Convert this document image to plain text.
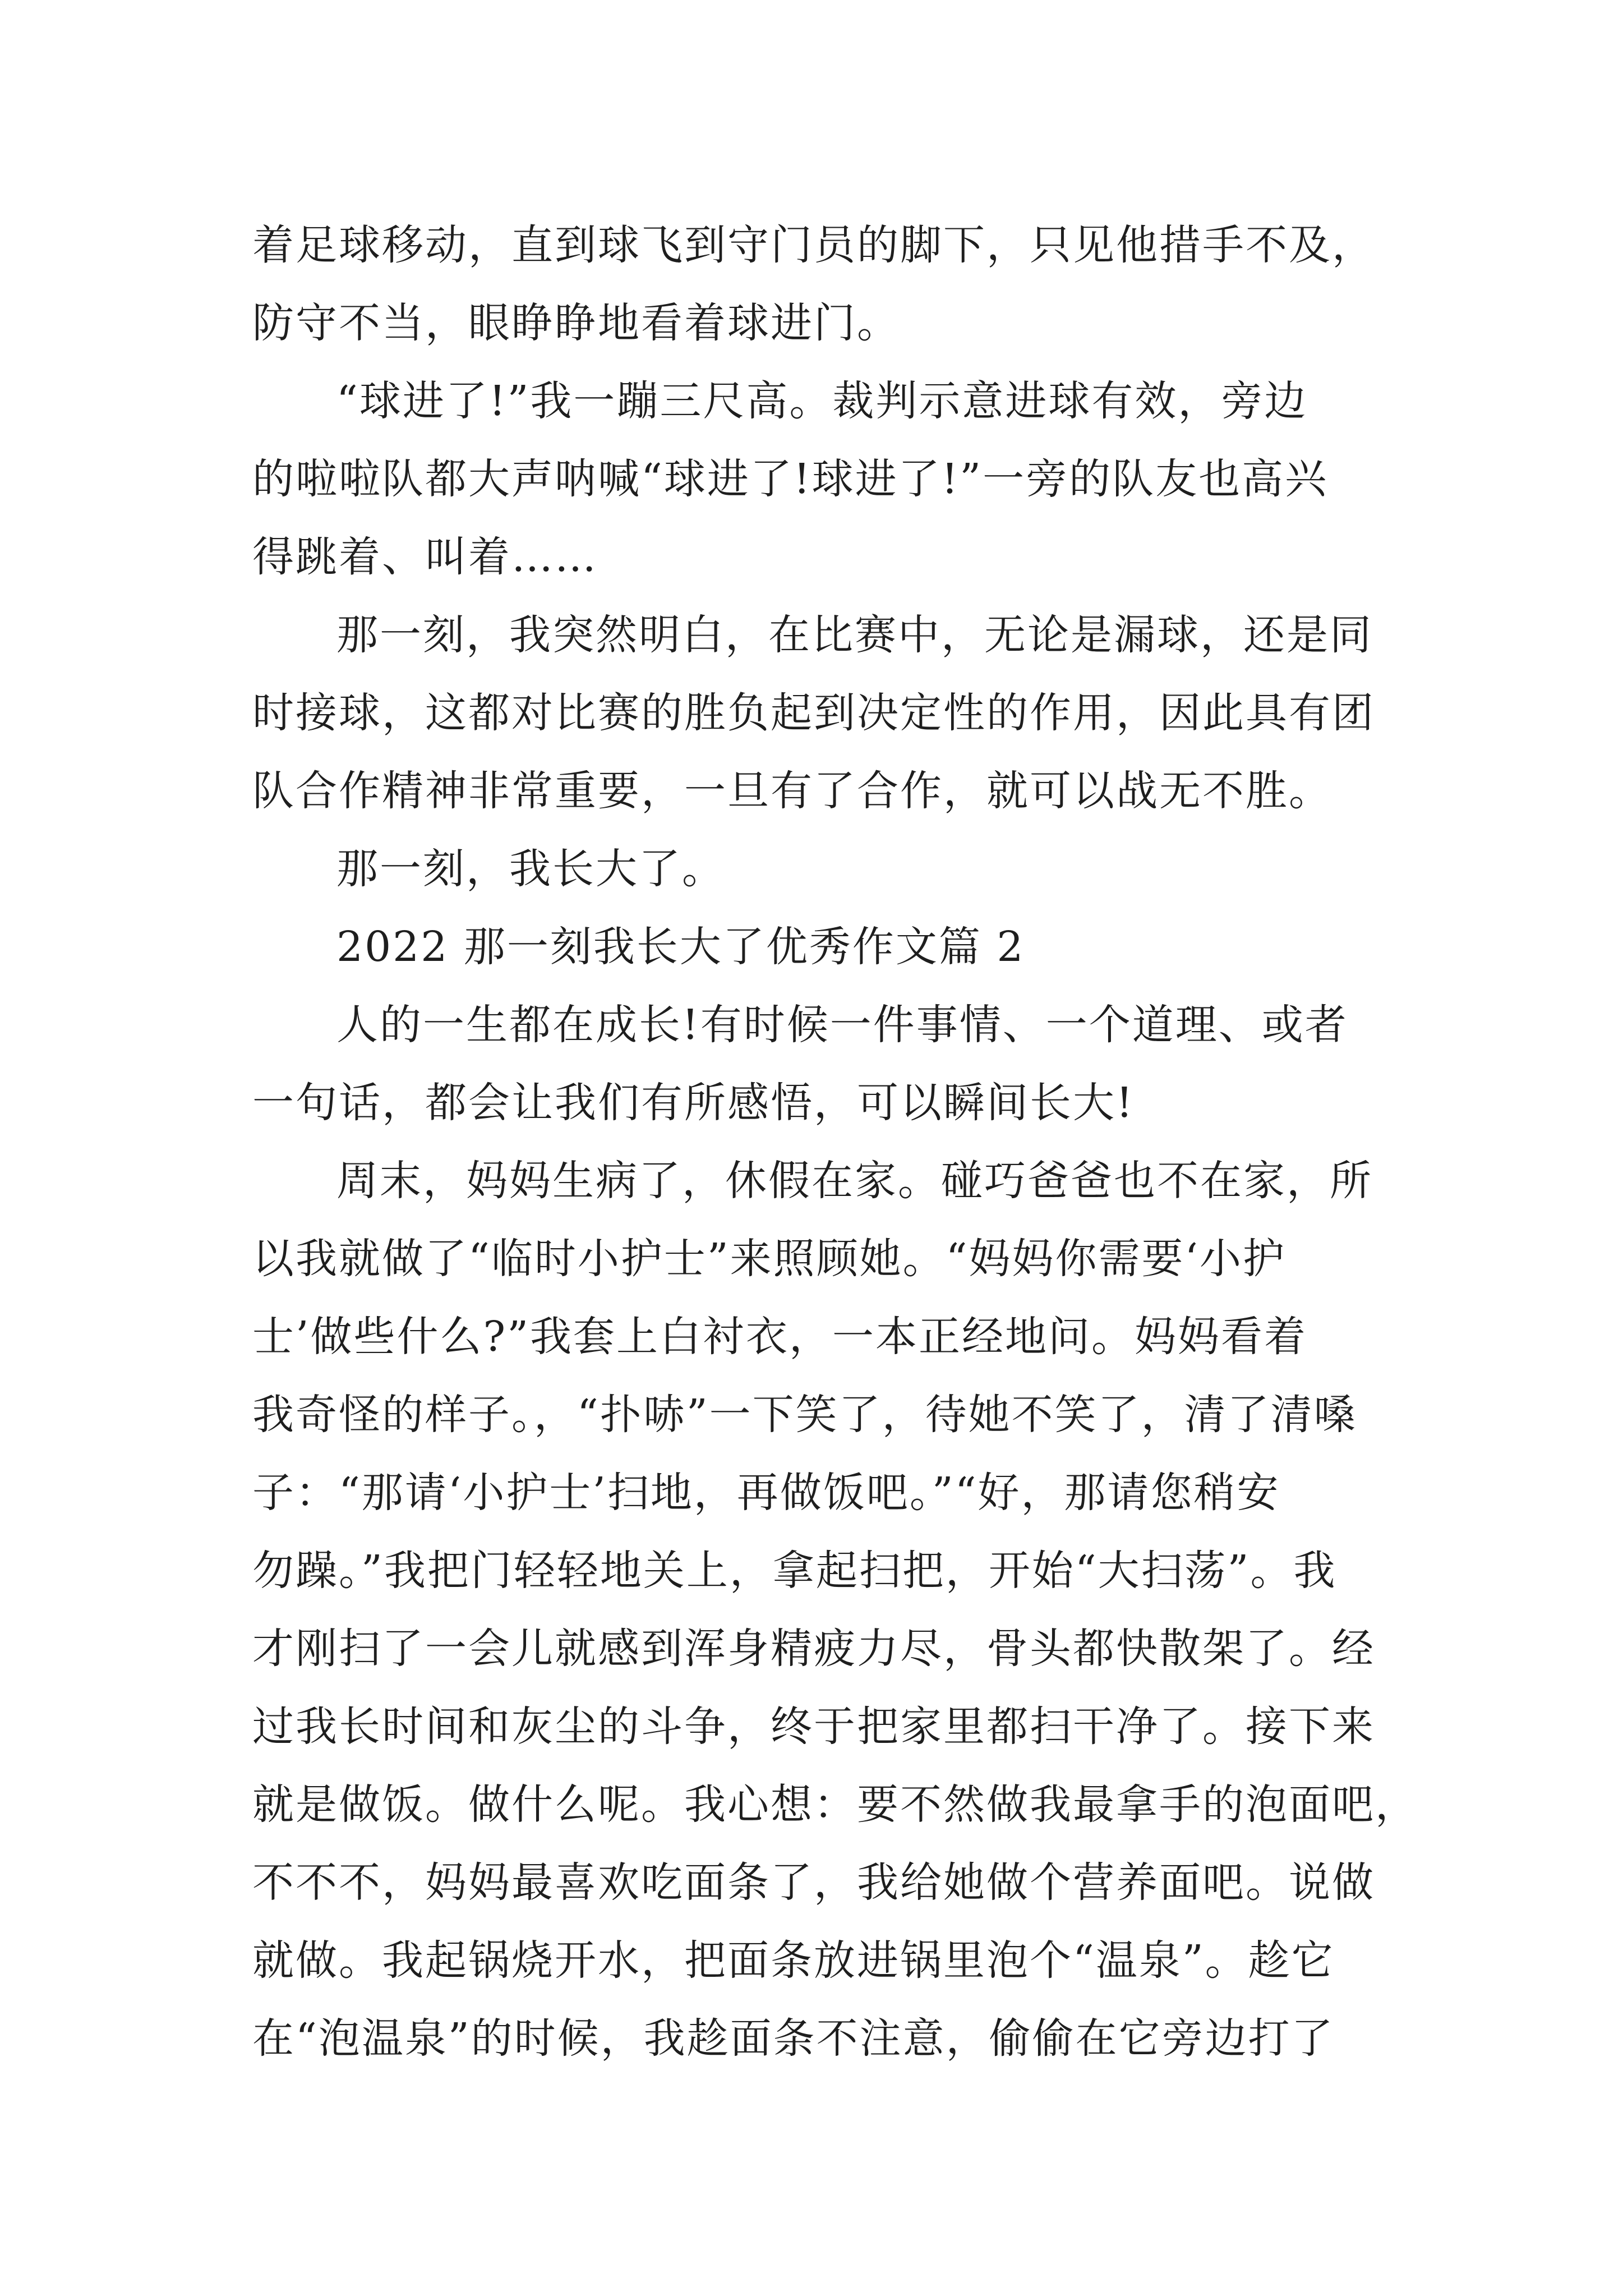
着足球移动，直到球飞到守门员的脚下，只见他措手不及，
防守不当，眼睁睁地看着球进门。
“球进了!”我一蹦三尺高。裁判示意进球有效，旁边
的啦啦队都大声呐喊“球进了!球进了!”一旁的队友也高兴
得跳着、叫着……
那一刻，我突然明白，在比赛中，无论是漏球，还是同
时接球，这都对比赛的胜负起到决定性的作用，因此具有团
队合作精神非常重要，一旦有了合作，就可以战无不胜。
那一刻，我长大了。
2022 那一刻我长大了优秀作文篇 2
人的一生都在成长!有时候一件事情、一个道理、或者
一句话，都会让我们有所感悟，可以瞬间长大!
周末，妈妈生病了，休假在家。碰巧爸爸也不在家，所
以我就做了“临时小护士”来照顾她。“妈妈你需要‘小护
士’做些什么?”我套上白衬衣，一本正经地问。妈妈看着
我奇怪的样子。，“扑哧”一下笑了，待她不笑了，清了清嗓
子：“那请‘小护士’扫地，再做饭吧。”“好，那请您稍安
勿躁。”我把门轻轻地关上，拿起扫把，开始“大扫荡”。我
才刚扫了一会儿就感到浑身精疲力尽，骨头都快散架了。经
过我长时间和灰尘的斗争，终于把家里都扫干净了。接下来
就是做饭。做什么呢。我心想：要不然做我最拿手的泡面吧，
不不不，妈妈最喜欢吃面条了，我给她做个营养面吧。说做
就做。我起锅烧开水，把面条放进锅里泡个“温泉”。趁它
在“泡温泉”的时候，我趁面条不注意，偷偷在它旁边打了
